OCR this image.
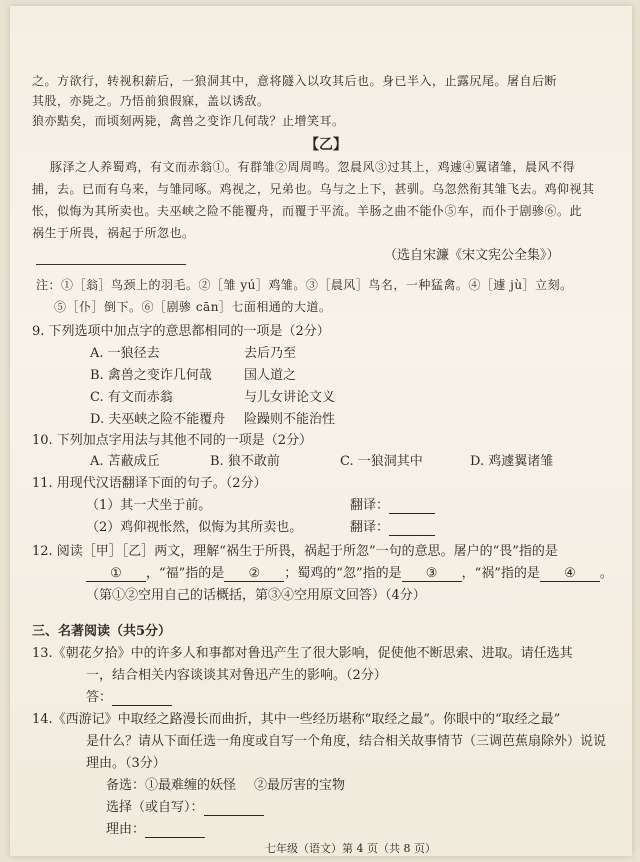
之。方欲行，转视积薪后，一狼洞其中，意将隧入以攻其后也。身已半入，止露尻尾。屠自后断
其股，亦毙之。乃悟前狼假寐，盖以诱敌。
狼亦黠矣，而顷刻两毙，禽兽之变诈几何哉？止增笑耳。
【乙】
豚泽之人养蜀鸡，有文而赤翁①。有群雏②周周鸣。忽晨风③过其上，鸡遽④翼诸雏，晨风不得
捕，去。已而有乌来，与雏同啄。鸡视之，兄弟也。乌与之上下，甚驯。乌忽然衔其雏飞去。鸡仰视其
怅，似悔为其所卖也。夫巫峡之险不能覆舟，而覆于平流。羊肠之曲不能仆⑤车，而仆于剧骖⑥。此
祸生于所畏，祸起于所忽也。
（选自宋濂《宋文宪公全集》）
注：①［翁］鸟颈上的羽毛。②［雏 yú］鸡雏。③［晨风］鸟名，一种猛禽。④［遽 jù］立刻。
⑤［仆］倒下。⑥［剧骖 cān］七面相通的大道。
9. 下列选项中加点字的意思都相同的一项是（2分）
A. 一狼径去	去后乃至
B. 禽兽之变诈几何哉 国人道之
C. 有文而赤翁	与儿女讲论文义
D. 夫巫峡之险不能覆舟 险躁则不能治性
10. 下列加点字用法与其他不同的一项是（2分）
A. 苫蔽成丘	B. 狼不敢前	C. 一狼洞其中	D. 鸡遽翼诸雏
11. 用现代汉语翻译下面的句子。（2分）
（1）其一犬坐于前。	翻译：
（2）鸡仰视怅然，似悔为其所卖也。	翻译：
12. 阅读［甲］［乙］两文，理解“祸生于所畏，祸起于所忽”一句的意思。屠户的“畏”指的是
① ，“福”指的是 ② ；蜀鸡的“忽”指的是 ③ ，“祸”指的是 ④ 。
（第①②空用自己的话概括，第③④空用原文回答）（4分）
三、名著阅读（共5分）
13.《朝花夕拾》中的许多人和事都对鲁迅产生了很大影响，促使他不断思索、进取。请任选其
一，结合相关内容谈谈其对鲁迅产生的影响。（2分）
答：
14.《西游记》中取经之路漫长而曲折，其中一些经历堪称“取经之最”。你眼中的“取经之最”
是什么？请从下面任选一角度或自写一个角度，结合相关故事情节（三调芭蕉扇除外）说说
理由。（3分）
备选：①最难缠的妖怪 ②最厉害的宝物
选择（或自写）：
理由：
七年级（语文）第 4 页（共 8 页）
